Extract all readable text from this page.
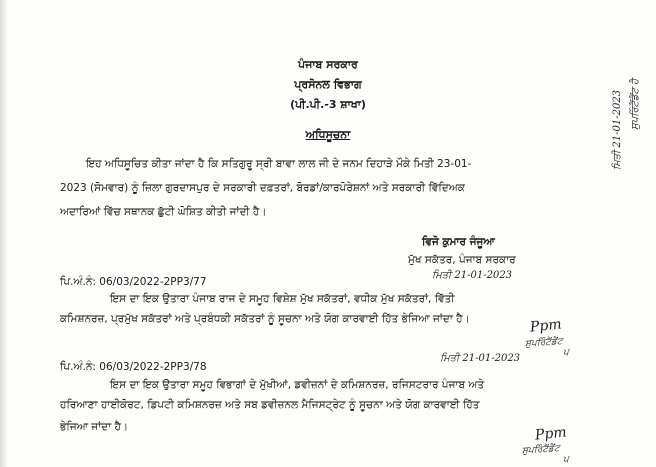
ਪੰਜਾਬ ਸਰਕਾਰ
ਪ੍ਰਸੋਨਲ ਵਿਭਾਗ
(ਪੀ.ਪੀ.-3 ਸ਼ਾਖਾ)
ਅਧਿਸੂਚਨਾ
ਇਹ ਅਧਿਸੂਚਿਤ ਕੀਤਾ ਜਾਂਦਾ ਹੈ ਕਿ ਸਤਿਗੁਰੂ ਸ੍ਰੀ ਬਾਵਾ ਲਾਲ ਜੀ ਦੇ ਜਨਮ ਦਿਹਾੜੇ ਮੌਕੇ ਮਿਤੀ 23-01-
2023 (ਸੋਮਵਾਰ) ਨੂੰ ਜ਼ਿਲਾ ਗੁਰਦਾਸਪੁਰ ਦੇ ਸਰਕਾਰੀ ਦਫ਼ਤਰਾਂ, ਬੋਰਡਾਂ/ਕਾਰਪੋਰੇਸ਼ਨਾਂ ਅਤੇ ਸਰਕਾਰੀ ਵਿੱਦਿਅਕ
ਅਦਾਰਿਆਂ ਵਿੱਚ ਸਥਾਨਕ ਛੁੱਟੀ ਘੋਸ਼ਿਤ ਕੀਤੀ ਜਾਂਦੀ ਹੈ।
ਵਿਜੋ ਕੁਮਾਰ ਜੰਜੂਆ
ਮੁੱਖ ਸਕੱਤਰ, ਪੰਜਾਬ ਸਰਕਾਰ
ਮਿਤੀ 21-01-2023
ਪਿ.ਅੰ.ਨੰ: 06/03/2022-2PP3/77
ਇਸ ਦਾ ਇਕ ਉਤਾਰਾ ਪੰਜਾਬ ਰਾਜ ਦੇ ਸਮੂਹ ਵਿਸ਼ੇਸ਼ ਮੁੱਖ ਸਕੱਤਰਾਂ, ਵਧੀਕ ਮੁੱਖ ਸਕੱਤਰਾਂ, ਵਿੱਤੀ
ਕਮਿਸ਼ਨਰਜ਼, ਪ੍ਰਮੁੱਖ ਸਕੱਤਰਾਂ ਅਤੇ ਪ੍ਰਬੰਧਕੀ ਸਕੱਤਰਾਂ ਨੂੰ ਸੂਚਨਾ ਅਤੇ ਯੋਗ ਕਾਰਵਾਈ ਹਿੱਤ ਭੇਜਿਆ ਜਾਂਦਾ ਹੈ।	Ppm
ਸੁਪਰਿੰਟੈਂਡੈਂਟ
ਪ
ਪਿ.ਅੰ.ਨੰ: 06/03/2022-2PP3/78
ਮਿਤੀ 21-01-2023
ਇਸ ਦਾ ਇਕ ਉਤਾਰਾ ਸਮੂਹ ਵਿਭਾਗਾਂ ਦੇ ਮੁੱਖੀਆਂ, ਡਵੀਜ਼ਨਾਂ ਦੇ ਕਮਿਸ਼ਨਰਜ਼, ਰਜਿਸਟਰਾਰ ਪੰਜਾਬ ਅਤੇ
ਹਰਿਆਣਾ ਹਾਈਕੋਰਟ, ਡਿਪਟੀ ਕਮਿਸ਼ਨਰਜ਼ ਅਤੇ ਸਬ ਡਵੀਜ਼ਨਲ ਮੈਜਿਸਟ੍ਰੇਟ ਨੂੰ ਸੂਚਨਾ ਅਤੇ ਯੋਗ ਕਾਰਵਾਈ ਹਿੱਤ
ਭੇਜਿਆ ਜਾਂਦਾ ਹੈ।	Ppm
ਸੁਪਰਿੰਟੈਂਡੈਂਟ
ਪ
ਮਿਤੀ 21-01-2023 ਸੁਪਰਿੰਟੈਂਡੈਂਟ ਹੈ
